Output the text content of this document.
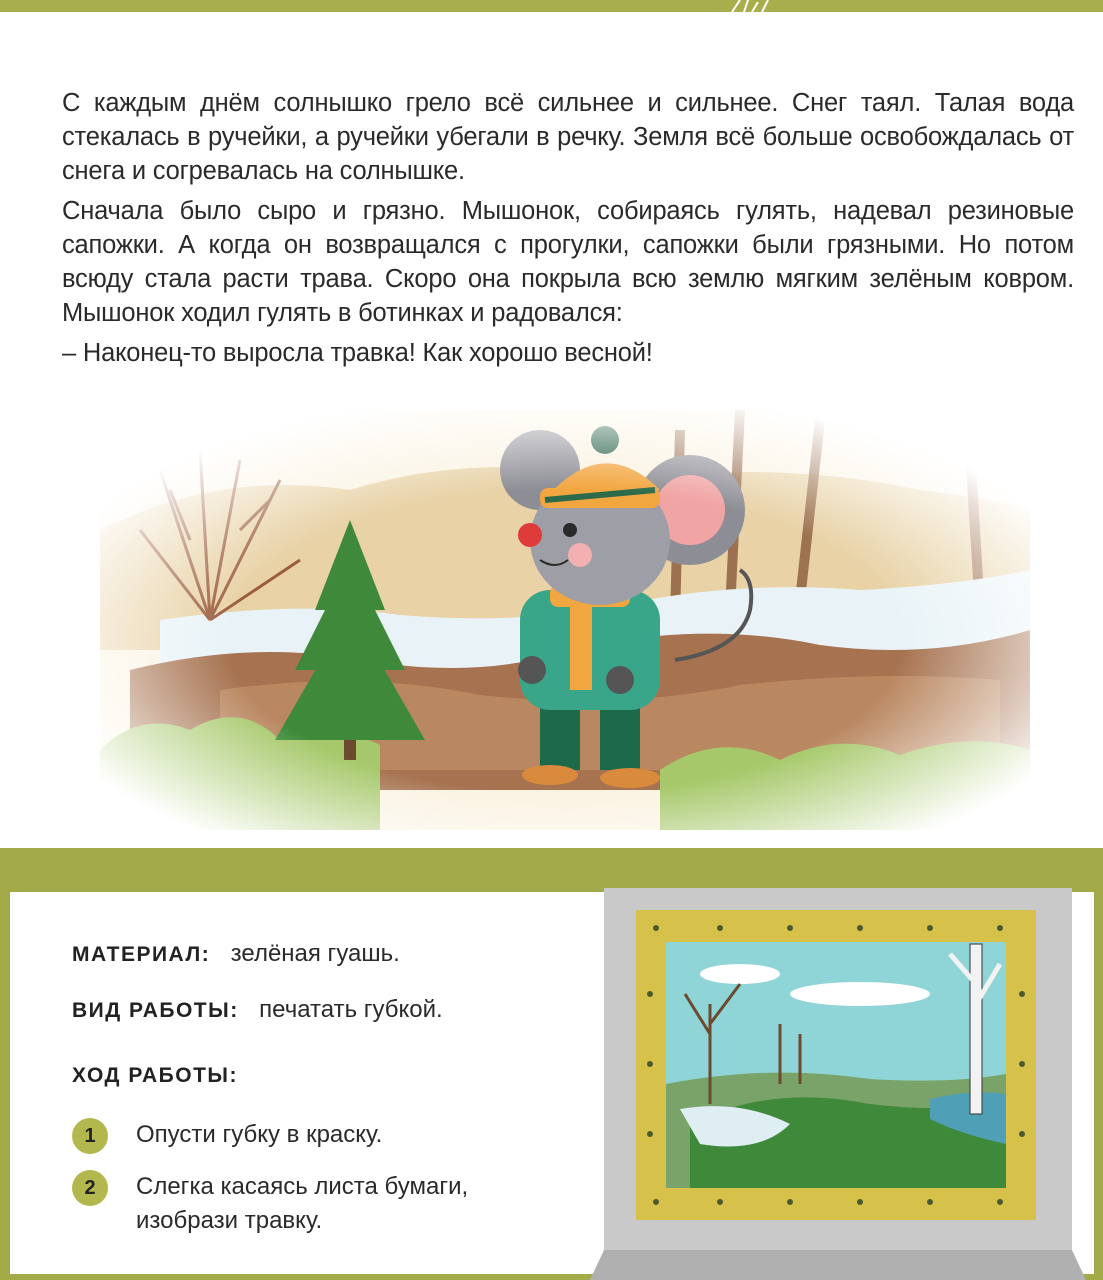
С каждым днём солнышко грело всё сильнее и сильнее. Снег таял. Талая вода стекалась в ручейки, а ручейки убегали в речку. Земля всё больше освобождалась от снега и согревалась на солнышке.

Сначала было сыро и грязно. Мышонок, собираясь гулять, надевал резиновые сапожки. А когда он возвращался с прогулки, сапожки были грязными. Но потом всюду стала расти трава. Скоро она покрыла всю землю мягким зелёным ковром. Мышонок ходил гулять в ботинках и радовался:

– Наконец-то выросла травка! Как хорошо весной!

МАТЕРИАЛ: зелёная гуашь.
ВИД РАБОТЫ: печатать губкой.
ХОД РАБОТЫ:
1	Опусти губку в краску.
2	Слегка касаясь листа бумаги, изобрази травку.
